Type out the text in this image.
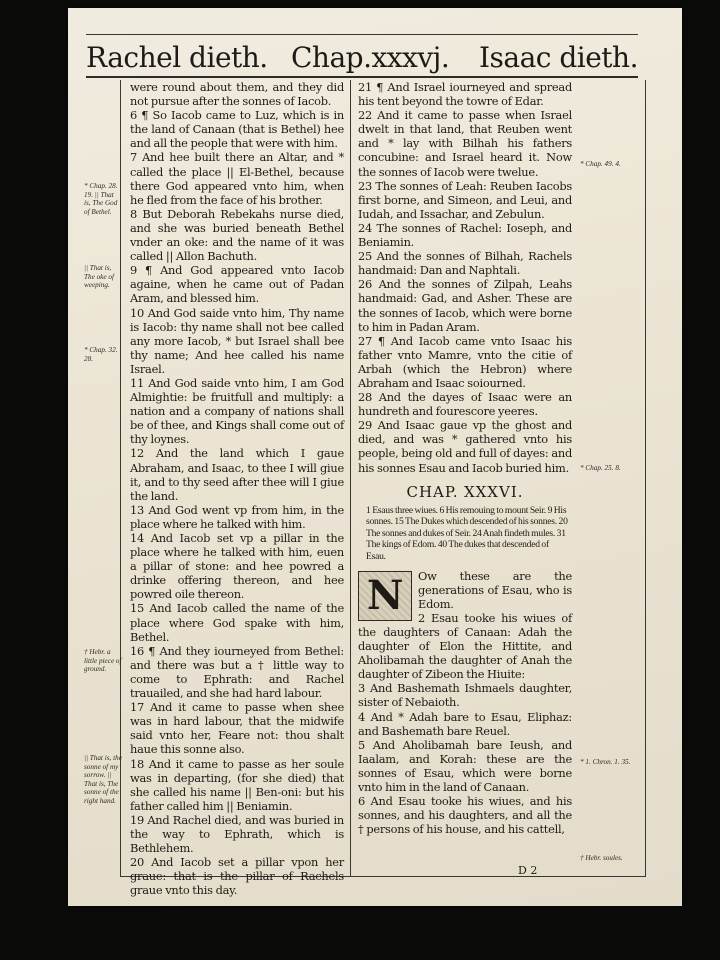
Rachel dieth. Chap.xxxvj. Isaac dieth.

were round about them, and they did not pursue after the sonnes of Iacob.

6 ¶ So Iacob came to Luz, which is in the land of Canaan (that is Bethel) hee and all the people that were with him.

7 And hee built there an Altar, and * called the place || El-Bethel, because there God appeared vnto him, when he fled from the face of his brother.

8 But Deborah Rebekahs nurse died, and she was buried beneath Bethel vnder an oke: and the name of it was called || Allon Bachuth.

9 ¶ And God appeared vnto Iacob againe, when he came out of Padan Aram, and blessed him.

10 And God saide vnto him, Thy name is Iacob: thy name shall not bee called any more Iacob, * but Israel shall bee thy name; And hee called his name Israel.

11 And God saide vnto him, I am God Almightie: be fruitfull and multiply: a nation and a company of nations shall be of thee, and Kings shall come out of thy loynes.

12 And the land which I gaue Abraham, and Isaac, to thee I will giue it, and to thy seed after thee will I giue the land.

13 And God went vp from him, in the place where he talked with him.

14 And Iacob set vp a pillar in the place where he talked with him, euen a pillar of stone: and hee powred a drinke offering thereon, and hee powred oile thereon.

15 And Iacob called the name of the place where God spake with him, Bethel.

16 ¶ And they iourneyed from Bethel: and there was but a † little way to come to Ephrath: and Rachel trauailed, and she had hard labour.

17 And it came to passe when shee was in hard labour, that the midwife said vnto her, Feare not: thou shalt haue this sonne also.

18 And it came to passe as her soule was in departing, (for she died) that she called his name || Ben-oni: but his father called him || Beniamin.

19 And Rachel died, and was buried in the way to Ephrath, which is Bethlehem.

20 And Iacob set a pillar vpon her graue: that is the pillar of Rachels graue vnto this day.

21 ¶ And Israel iourneyed and spread his tent beyond the towre of Edar.

22 And it came to passe when Israel dwelt in that land, that Reuben went and * lay with Bilhah his fathers concubine: and Israel heard it. Now the sonnes of Iacob were twelue.

23 The sonnes of Leah: Reuben Iacobs first borne, and Simeon, and Leui, and Iudah, and Issachar, and Zebulun.

24 The sonnes of Rachel: Ioseph, and Beniamin.

25 And the sonnes of Bilhah, Rachels handmaid: Dan and Naphtali.

26 And the sonnes of Zilpah, Leahs handmaid: Gad, and Asher. These are the sonnes of Iacob, which were borne to him in Padan Aram.

27 ¶ And Iacob came vnto Isaac his father vnto Mamre, vnto the citie of Arbah (which the Hebron) where Abraham and Isaac soiourned.

28 And the dayes of Isaac were an hundreth and fourescore yeeres.

29 And Isaac gaue vp the ghost and died, and was * gathered vnto his people, being old and full of dayes: and his sonnes Esau and Iacob buried him.

CHAP. XXXVI.

1 Esaus three wiues. 6 His remouing to mount Seir. 9 His sonnes. 15 The Dukes which descended of his sonnes. 20 The sonnes and dukes of Seir. 24 Anah findeth mules. 31 The kings of Edom. 40 The dukes that descended of Esau.

N	Ow these are the generations of Esau, who is Edom.

2 Esau tooke his wiues of the daughters of Canaan: Adah the daughter of Elon the Hittite, and Aholibamah the daughter of Anah the daughter of Zibeon the Hiuite:

3 And Bashemath Ishmaels daughter, sister of Nebaioth.

4 And * Adah bare to Esau, Eliphaz: and Bashemath bare Reuel.

5 And Aholibamah bare Ieush, and Iaalam, and Korah: these are the sonnes of Esau, which were borne vnto him in the land of Canaan.

6 And Esau tooke his wiues, and his sonnes, and his daughters, and all the † persons of his house, and his cattell,

* Chap. 28. 19. || That is, The God of Bethel.
|| That is, The oke of weeping.
* Chap. 32. 28.
† Hebr. a little piece of ground.
|| That is, the sonne of my sorrow. || That is, The sonne of the right hand.
* Chap. 49. 4.
* Chap. 25. 8.
* 1. Chron. 1. 35.
† Hebr. soules.
D 2
